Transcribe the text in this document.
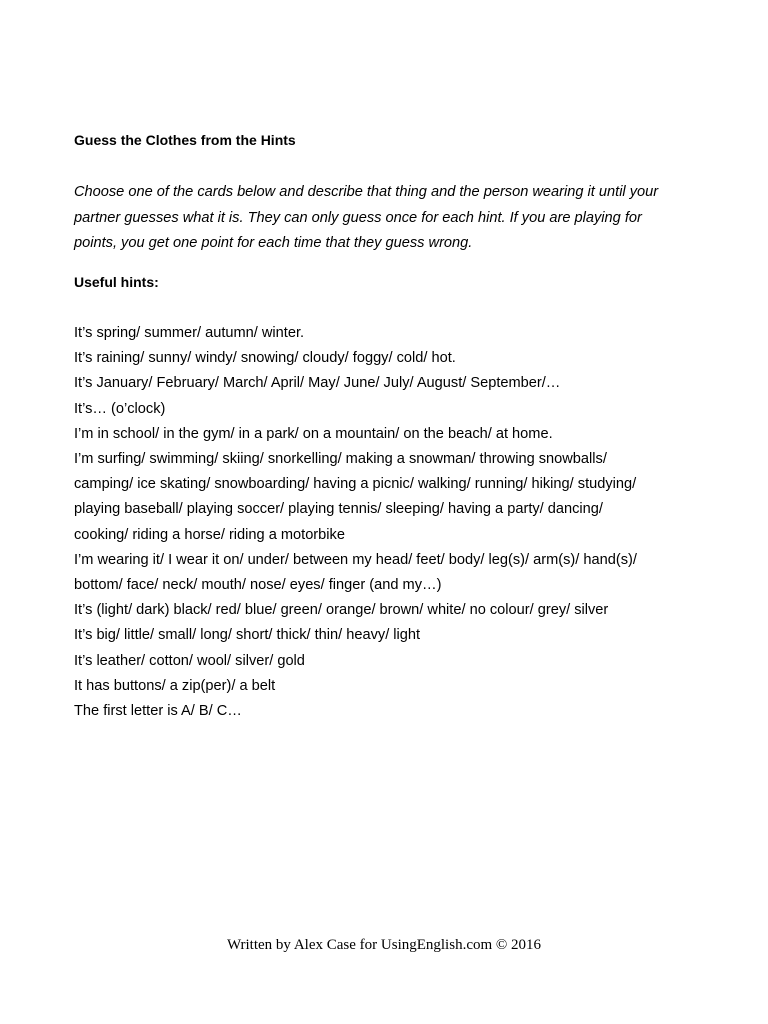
Guess the Clothes from the Hints
Choose one of the cards below and describe that thing and the person wearing it until your
partner guesses what it is. They can only guess once for each hint. If you are playing for
points, you get one point for each time that they guess wrong.
Useful hints:
It’s spring/ summer/ autumn/ winter.
It’s raining/ sunny/ windy/ snowing/ cloudy/ foggy/ cold/ hot.
It’s January/ February/ March/ April/ May/ June/ July/ August/ September/…
It’s… (o’clock)
I’m in school/ in the gym/ in a park/ on a mountain/ on the beach/ at home.
I’m surfing/ swimming/ skiing/ snorkelling/ making a snowman/ throwing snowballs/
camping/ ice skating/ snowboarding/ having a picnic/ walking/ running/ hiking/ studying/
playing baseball/ playing soccer/ playing tennis/ sleeping/ having a party/ dancing/
cooking/ riding a horse/ riding a motorbike
I’m wearing it/ I wear it on/ under/ between my head/ feet/ body/ leg(s)/ arm(s)/ hand(s)/
bottom/ face/ neck/ mouth/ nose/ eyes/ finger (and my…)
It’s (light/ dark) black/ red/ blue/ green/ orange/ brown/ white/ no colour/ grey/ silver
It’s big/ little/ small/ long/ short/ thick/ thin/ heavy/ light
It’s leather/ cotton/ wool/ silver/ gold
It has buttons/ a zip(per)/ a belt
The first letter is A/ B/ C…
Written by Alex Case for UsingEnglish.com © 2016
